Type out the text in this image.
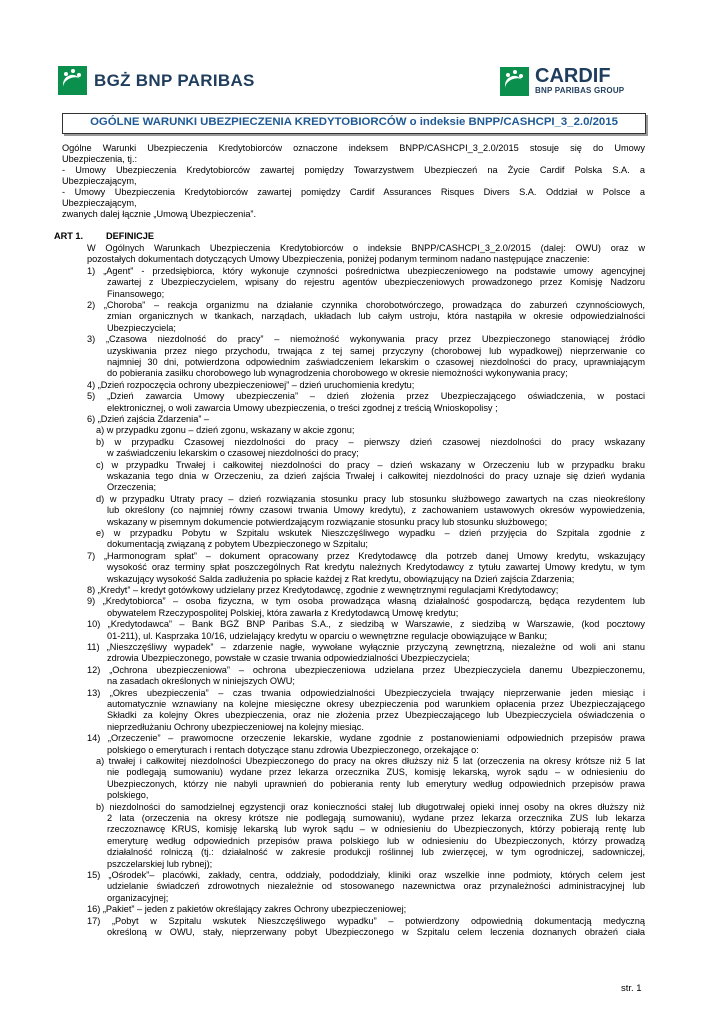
BGŻ BNP PARIBAS	CARDIF
BNP PARIBAS GROUP
OGÓLNE WARUNKI UBEZPIECZENIA KREDYTOBIORCÓW o indeksie BNPP/CASHCPI_3_2.0/2015
Ogólne Warunki Ubezpieczenia Kredytobiorców oznaczone indeksem BNPP/CASHCPI_3_2.0/2015 stosuje się do Umowy
Ubezpieczenia, tj.:
- Umowy Ubezpieczenia Kredytobiorców zawartej pomiędzy Towarzystwem Ubezpieczeń na Życie Cardif Polska S.A. a
Ubezpieczającym,
- Umowy Ubezpieczenia Kredytobiorców zawartej pomiędzy Cardif Assurances Risques Divers S.A. Oddział w Polsce a
Ubezpieczającym,
zwanych dalej łącznie „Umową Ubezpieczenia”.
ART 1. DEFINICJE
W Ogólnych Warunkach Ubezpieczenia Kredytobiorców o indeksie BNPP/CASHCPI_3_2.0/2015 (dalej: OWU) oraz w
pozostałych dokumentach dotyczących Umowy Ubezpieczenia, poniżej podanym terminom nadano następujące znaczenie:
1) „Agent” - przedsiębiorca, który wykonuje czynności pośrednictwa ubezpieczeniowego na podstawie umowy agencyjnej
zawartej z Ubezpieczycielem, wpisany do rejestru agentów ubezpieczeniowych prowadzonego przez Komisję Nadzoru
Finansowego;
2) „Choroba” – reakcja organizmu na działanie czynnika chorobotwórczego, prowadząca do zaburzeń czynnościowych,
zmian organicznych w tkankach, narządach, układach lub całym ustroju, która nastąpiła w okresie odpowiedzialności
Ubezpieczyciela;
3) „Czasowa niezdolność do pracy” – niemożność wykonywania pracy przez Ubezpieczonego stanowiącej źródło
uzyskiwania przez niego przychodu, trwająca z tej samej przyczyny (chorobowej lub wypadkowej) nieprzerwanie co
najmniej 30 dni, potwierdzona odpowiednim zaświadczeniem lekarskim o czasowej niezdolności do pracy, uprawniającym
do pobierania zasiłku chorobowego lub wynagrodzenia chorobowego w okresie niemożności wykonywania pracy;
4) „Dzień rozpoczęcia ochrony ubezpieczeniowej” – dzień uruchomienia kredytu;
5) „Dzień zawarcia Umowy ubezpieczenia” – dzień złożenia przez Ubezpieczającego oświadczenia, w postaci
elektronicznej, o woli zawarcia Umowy ubezpieczenia, o treści zgodnej z treścią Wnioskopolisy ;
6) „Dzień zajścia Zdarzenia” –
a) w przypadku zgonu – dzień zgonu, wskazany w akcie zgonu;
b) w przypadku Czasowej niezdolności do pracy – pierwszy dzień czasowej niezdolności do pracy wskazany
w zaświadczeniu lekarskim o czasowej niezdolności do pracy;
c) w przypadku Trwałej i całkowitej niezdolności do pracy – dzień wskazany w Orzeczeniu lub w przypadku braku
wskazania tego dnia w Orzeczeniu, za dzień zajścia Trwałej i całkowitej niezdolności do pracy uznaje się dzień wydania
Orzeczenia;
d) w przypadku Utraty pracy – dzień rozwiązania stosunku pracy lub stosunku służbowego zawartych na czas nieokreślony
lub określony (co najmniej równy czasowi trwania Umowy kredytu), z zachowaniem ustawowych okresów wypowiedzenia,
wskazany w pisemnym dokumencie potwierdzającym rozwiązanie stosunku pracy lub stosunku służbowego;
e) w przypadku Pobytu w Szpitalu wskutek Nieszczęśliwego wypadku – dzień przyjęcia do Szpitala zgodnie z
dokumentacją związaną z pobytem Ubezpieczonego w Szpitalu;
7) „Harmonogram spłat” – dokument opracowany przez Kredytodawcę dla potrzeb danej Umowy kredytu, wskazujący
wysokość oraz terminy spłat poszczególnych Rat kredytu należnych Kredytodawcy z tytułu zawartej Umowy kredytu, w tym
wskazujący wysokość Salda zadłużenia po spłacie każdej z Rat kredytu, obowiązujący na Dzień zajścia Zdarzenia;
8) „Kredyt” – kredyt gotówkowy udzielany przez Kredytodawcę, zgodnie z wewnętrznymi regulacjami Kredytodawcy;
9) „Kredytobiorca” – osoba fizyczna, w tym osoba prowadząca własną działalność gospodarczą, będąca rezydentem lub
obywatelem Rzeczypospolitej Polskiej, która zawarła z Kredytodawcą Umowę kredytu;
10) „Kredytodawca” – Bank BGŻ BNP Paribas S.A., z siedzibą w Warszawie, z siedzibą w Warszawie, (kod pocztowy
01-211), ul. Kasprzaka 10/16, udzielający kredytu w oparciu o wewnętrzne regulacje obowiązujące w Banku;
11) „Nieszczęśliwy wypadek” – zdarzenie nagłe, wywołane wyłącznie przyczyną zewnętrzną, niezależne od woli ani stanu
zdrowia Ubezpieczonego, powstałe w czasie trwania odpowiedzialności Ubezpieczyciela;
12) „Ochrona ubezpieczeniowa” – ochrona ubezpieczeniowa udzielana przez Ubezpieczyciela danemu Ubezpieczonemu,
na zasadach określonych w niniejszych OWU;
13) „Okres ubezpieczenia” – czas trwania odpowiedzialności Ubezpieczyciela trwający nieprzerwanie jeden miesiąc i
automatycznie wznawiany na kolejne miesięczne okresy ubezpieczenia pod warunkiem opłacenia przez Ubezpieczającego
Składki za kolejny Okres ubezpieczenia, oraz nie złożenia przez Ubezpieczającego lub Ubezpieczyciela oświadczenia o
nieprzedłużaniu Ochrony ubezpieczeniowej na kolejny miesiąc.
14) „Orzeczenie” – prawomocne orzeczenie lekarskie, wydane zgodnie z postanowieniami odpowiednich przepisów prawa
polskiego o emeryturach i rentach dotyczące stanu zdrowia Ubezpieczonego, orzekające o:
a) trwałej i całkowitej niezdolności Ubezpieczonego do pracy na okres dłuższy niż 5 lat (orzeczenia na okresy krótsze niż 5 lat
nie podlegają sumowaniu) wydane przez lekarza orzecznika ZUS, komisję lekarską, wyrok sądu – w odniesieniu do
Ubezpieczonych, którzy nie nabyli uprawnień do pobierania renty lub emerytury według odpowiednich przepisów prawa
polskiego,
b) niezdolności do samodzielnej egzystencji oraz konieczności stałej lub długotrwałej opieki innej osoby na okres dłuższy niż
2 lata (orzeczenia na okresy krótsze nie podlegają sumowaniu), wydane przez lekarza orzecznika ZUS lub lekarza
rzeczoznawcę KRUS, komisję lekarską lub wyrok sądu – w odniesieniu do Ubezpieczonych, którzy pobierają rentę lub
emeryturę według odpowiednich przepisów prawa polskiego lub w odniesieniu do Ubezpieczonych, którzy prowadzą
działalność rolniczą (tj.: działalność w zakresie produkcji roślinnej lub zwierzęcej, w tym ogrodniczej, sadowniczej,
pszczelarskiej lub rybnej);
15) „Ośrodek”– placówki, zakłady, centra, oddziały, pododdziały, kliniki oraz wszelkie inne podmioty, których celem jest
udzielanie świadczeń zdrowotnych niezależnie od stosowanego nazewnictwa oraz przynależności administracyjnej lub
organizacyjnej;
16) „Pakiet” – jeden z pakietów określający zakres Ochrony ubezpieczeniowej;
17) „Pobyt w Szpitalu wskutek Nieszczęśliwego wypadku” – potwierdzony odpowiednią dokumentacją medyczną
określoną w OWU, stały, nieprzerwany pobyt Ubezpieczonego w Szpitalu celem leczenia doznanych obrażeń ciała
str. 1
